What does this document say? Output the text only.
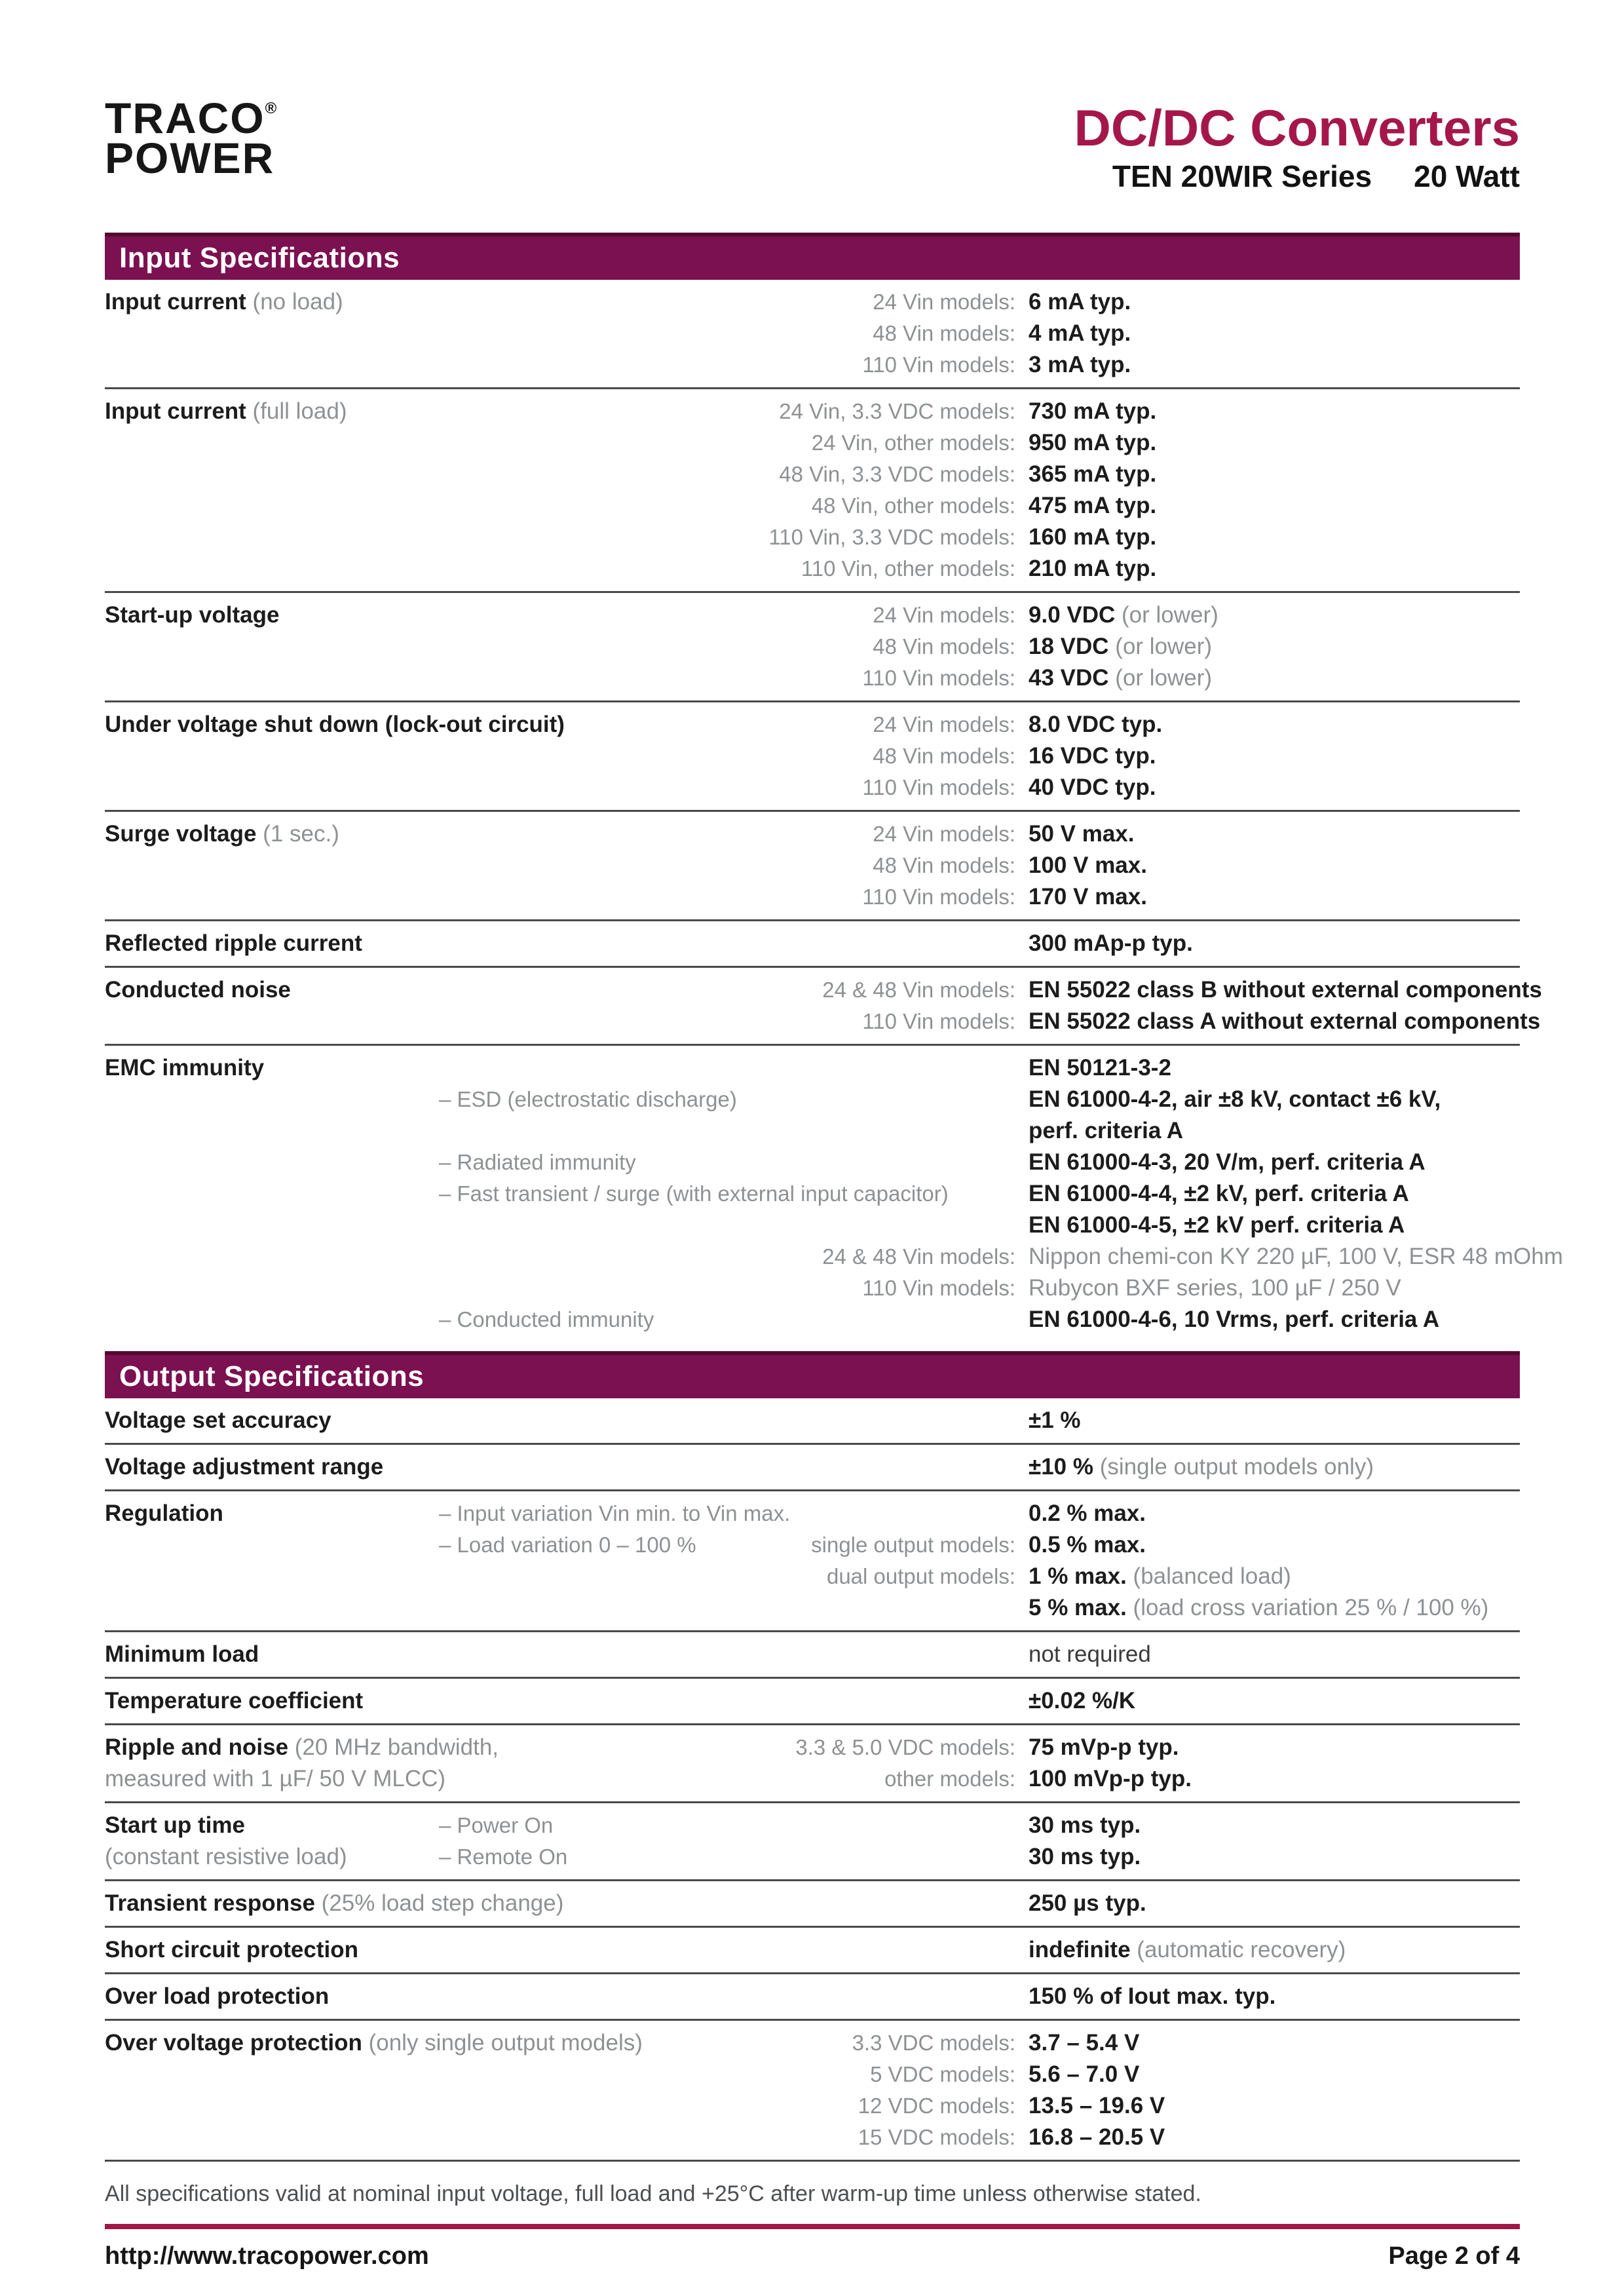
TRACO®
POWER
DC/DC Converters
TEN 20WIR Series 20 Watt
Input Specifications
Input current (no load)	24 Vin models: 6 mA typ.
48 Vin models: 4 mA typ.
110 Vin models: 3 mA typ.
Input current (full load)	24 Vin, 3.3 VDC models: 730 mA typ.
24 Vin, other models: 950 mA typ.
48 Vin, 3.3 VDC models: 365 mA typ.
48 Vin, other models: 475 mA typ.
110 Vin, 3.3 VDC models: 160 mA typ.
110 Vin, other models: 210 mA typ.
Start-up voltage	24 Vin models: 9.0 VDC (or lower)
48 Vin models: 18 VDC (or lower)
110 Vin models: 43 VDC (or lower)
Under voltage shut down (lock-out circuit)	24 Vin models: 8.0 VDC typ.
48 Vin models: 16 VDC typ.
110 Vin models: 40 VDC typ.
Surge voltage (1 sec.)	24 Vin models: 50 V max.
48 Vin models: 100 V max.
110 Vin models: 170 V max.
Reflected ripple current	300 mAp-p typ.
Conducted noise	24 & 48 Vin models: EN 55022 class B without external components
110 Vin models: EN 55022 class A without external components
EMC immunity	EN 50121-3-2
– ESD (electrostatic discharge)	EN 61000-4-2, air ±8 kV, contact ±6 kV,
perf. criteria A
– Radiated immunity	EN 61000-4-3, 20 V/m, perf. criteria A
– Fast transient / surge (with external input capacitor)	EN 61000-4-4, ±2 kV, perf. criteria A
EN 61000-4-5, ±2 kV perf. criteria A
24 & 48 Vin models: Nippon chemi-con KY 220 µF, 100 V, ESR 48 mOhm
110 Vin models: Rubycon BXF series, 100 µF / 250 V
– Conducted immunity	EN 61000-4-6, 10 Vrms, perf. criteria A
Output Specifications
Voltage set accuracy	±1 %
Voltage adjustment range	±10 % (single output models only)
Regulation	– Input variation Vin min. to Vin max.	0.2 % max.
– Load variation 0 – 100 %	single output models: 0.5 % max.
dual output models: 1 % max. (balanced load)
5 % max. (load cross variation 25 % / 100 %)
Minimum load	not required
Temperature coefficient	±0.02 %/K
Ripple and noise (20 MHz bandwidth,	3.3 & 5.0 VDC models: 75 mVp-p typ.
measured with 1 µF/ 50 V MLCC)	other models: 100 mVp-p typ.
Start up time	– Power On	30 ms typ.
(constant resistive load)	– Remote On	30 ms typ.
Transient response (25% load step change)	250 µs typ.
Short circuit protection	indefinite (automatic recovery)
Over load protection	150 % of Iout max. typ.
Over voltage protection (only single output models)	3.3 VDC models: 3.7 – 5.4 V
5 VDC models: 5.6 – 7.0 V
12 VDC models: 13.5 – 19.6 V
15 VDC models: 16.8 – 20.5 V
All specifications valid at nominal input voltage, full load and +25°C after warm-up time unless otherwise stated.
http://www.tracopower.com	Page 2 of 4
